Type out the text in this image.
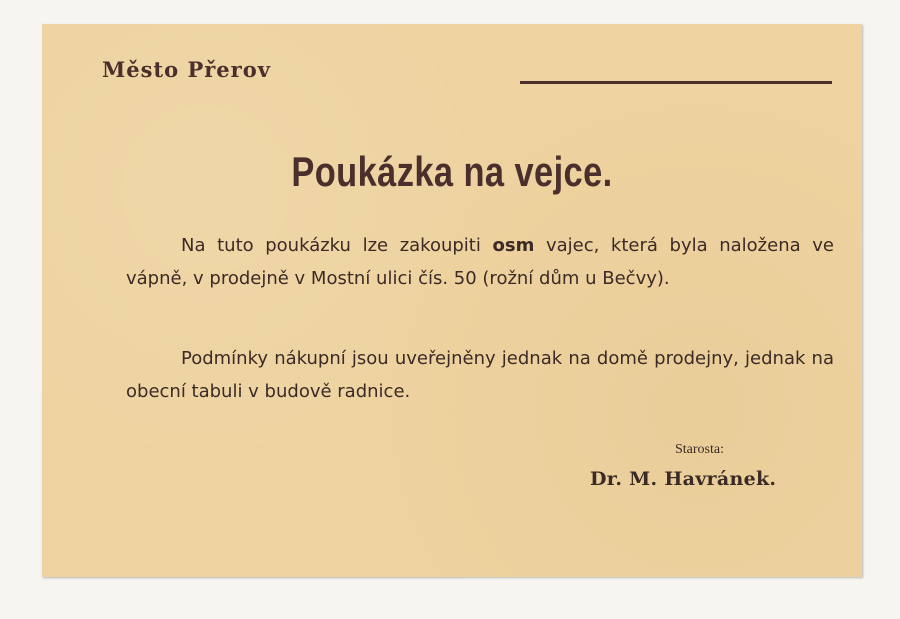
Město Přerov
Poukázka na vejce.
Na tuto poukázku lze zakoupiti osm vajec, která byla naložena ve vápně, v prodejně v Mostní ulici čís. 50 (rožní dům u Bečvy).
Podmínky nákupní jsou uveřejněny jednak na domě prodejny, jednak na obecní tabuli v budově radnice.
Starosta:
Dr. M. Havránek.
